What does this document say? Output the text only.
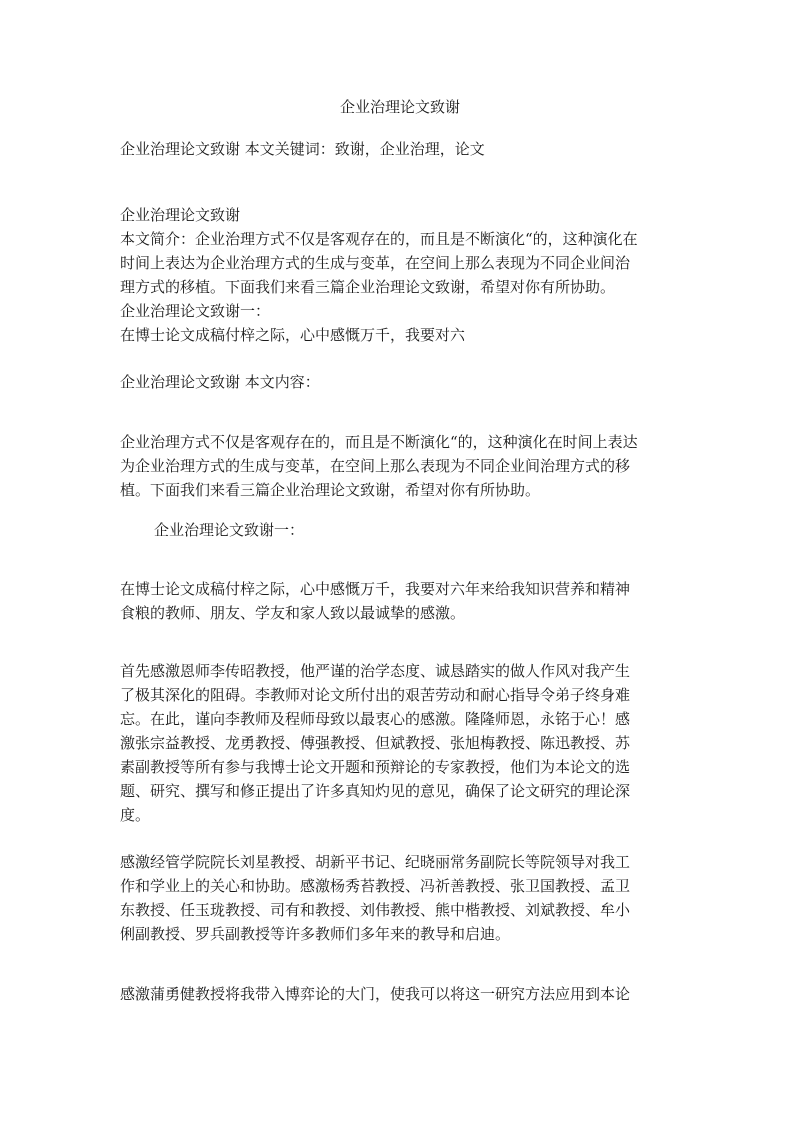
企业治理论文致谢

企业治理论文致谢 本文关键词：致谢，企业治理，论文

企业治理论文致谢
本文简介：企业治理方式不仅是客观存在的，而且是不断演化“的，这种演化在
时间上表达为企业治理方式的生成与变革，在空间上那么表现为不同企业间治
理方式的移植。下面我们来看三篇企业治理论文致谢，希望对你有所协助。
企业治理论文致谢一：
在博士论文成稿付梓之际，心中感慨万千，我要对六

企业治理论文致谢 本文内容：

企业治理方式不仅是客观存在的，而且是不断演化“的，这种演化在时间上表达
为企业治理方式的生成与变革，在空间上那么表现为不同企业间治理方式的移
植。下面我们来看三篇企业治理论文致谢，希望对你有所协助。

企业治理论文致谢一：

在博士论文成稿付梓之际，心中感慨万千，我要对六年来给我知识营养和精神
食粮的教师、朋友、学友和家人致以最诚挚的感激。
首先感激恩师李传昭教授，他严谨的治学态度、诚恳踏实的做人作风对我产生
了极其深化的阻碍。李教师对论文所付出的艰苦劳动和耐心指导令弟子终身难
忘。在此，谨向李教师及程师母致以最衷心的感激。隆隆师恩，永铭于心！感
激张宗益教授、龙勇教授、傅强教授、但斌教授、张旭梅教授、陈迅教授、苏
素副教授等所有参与我博士论文开题和预辩论的专家教授，他们为本论文的选
题、研究、撰写和修正提出了许多真知灼见的意见，确保了论文研究的理论深
度。
感激经管学院院长刘星教授、胡新平书记、纪晓丽常务副院长等院领导对我工
作和学业上的关心和协助。感激杨秀苔教授、冯祈善教授、张卫国教授、孟卫
东教授、任玉珑教授、司有和教授、刘伟教授、熊中楷教授、刘斌教授、牟小
俐副教授、罗兵副教授等许多教师们多年来的教导和启迪。
感激蒲勇健教授将我带入博弈论的大门，使我可以将这一研究方法应用到本论
